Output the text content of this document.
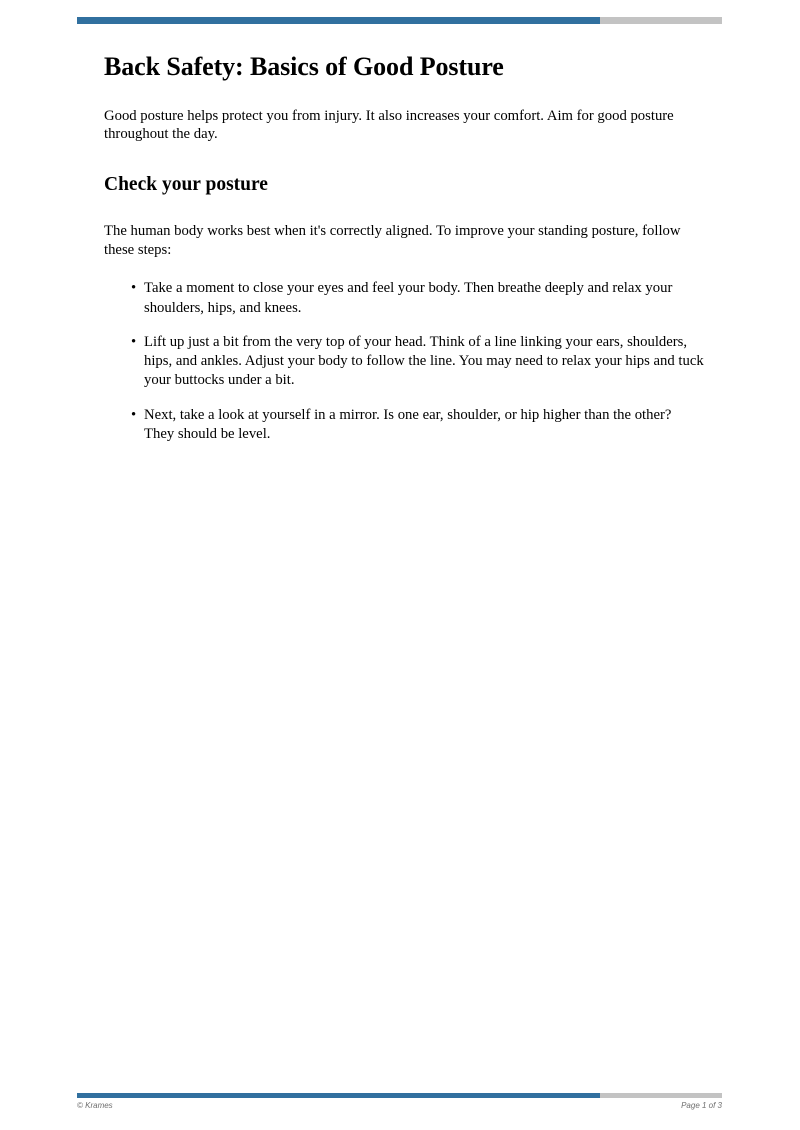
Back Safety: Basics of Good Posture

Good posture helps protect you from injury. It also increases your comfort. Aim for good posture throughout the day.

Check your posture

The human body works best when it's correctly aligned. To improve your standing posture, follow these steps:

• Take a moment to close your eyes and feel your body. Then breathe deeply and relax your shoulders, hips, and knees.
• Lift up just a bit from the very top of your head. Think of a line linking your ears, shoulders, hips, and ankles. Adjust your body to follow the line. You may need to relax your hips and tuck your buttocks under a bit.
• Next, take a look at yourself in a mirror. Is one ear, shoulder, or hip higher than the other? They should be level.
© Krames	Page 1 of 3
